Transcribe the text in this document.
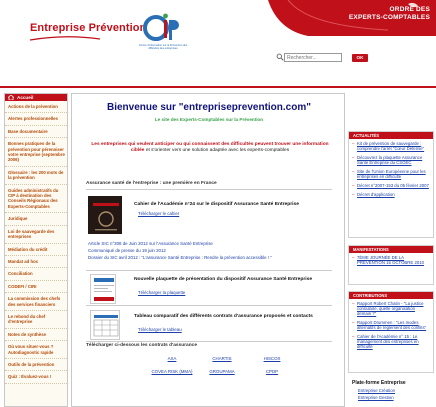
Entreprise Prévention
Centre d'information sur la Prévention des difficultés des entreprises
ORDRE DES
EXPERTS-COMPTABLES
Rechercher...
OK
Accueil
Actions de la prévention
Alertes professionnelles
Base documentaire
Bonnes pratiques de la prévention pour pérenniser votre entreprise (septembre 2006)
Glossaire : les 200 mots de la prévention
Guides administratifs du CIP à destination des Conseils Régionaux des Experts-Comptables
Juridique
Loi de sauvegarde des entreprises
Médiation du crédit
Mandat ad hoc
Conciliation
CODEFI / CIRI
La commission des chefs des services financiers
Le rebond du chef d'entreprise
Notes de synthèse
Où vous situer-vous ? Autodiagnostic rapide
Outils de la prévention
Quiz : Évaluez-vous !
Bienvenue sur "entrepriseprevention.com"
Le site des Experts-Comptables sur la Prévention
Les entreprises qui veulent anticiper ou qui connaissent des difficultés peuvent trouver une information ciblée et s'orienter vers une solution adaptée avec les experts-comptables
Assurance santé de l'entreprise : une première en France
Cahier de l'Académie n°24 sur le dispositif Assurance Santé Entreprise
Télécharger le cahier
Article SIC n°308 de Juin 2012 sur l'Assurance Santé Entreprise
Communiqué de presse du 19 juin 2012
Dossier du SIC avril 2012 : "L'assurance Santé Entreprise : Rendre la prévention accessible ! "
Nouvelle plaquette de présentation du dispositif Assurance Santé Entreprise
Télécharger la plaquette
Tableau comparatif des différents contrats d'assurance proposés et contacts
Télécharger le tableau
Télécharger ci-dessous les contrats d'assurance
AXA	CHARTIS	HISCOX
COVEA RISK (MMA)	GROUPAMA	CPDP
ACTUALITÉS
– Kit de prévention de sauvegarde : comprendre l'arrêt "Cœur Défense"
– Découvrez la plaquette Assurance Santé Entreprise du CSOEC
– Site de l'Union Européenne pour les entreprises en difficulté
– Décret n°2007-153 du 05 février 2007
– Décret d'application
MANIFESTATIONS
– 7ÈME JOURNÉE DE LA PRÉVENTION 15 OCTOBRE 2010
CONTRIBUTIONS
– Rapport Robert Chatin - "La justice consulaire, quelle organisation demain ?"
– Rapport Drummen : "Les modes alternatifs de règlement des conflits"
– Cahier de l'Académie n° 15 : Le management des entreprises en difficulté
Plate-forme Entreprise
Entreprise Création
Entreprise Gestion
